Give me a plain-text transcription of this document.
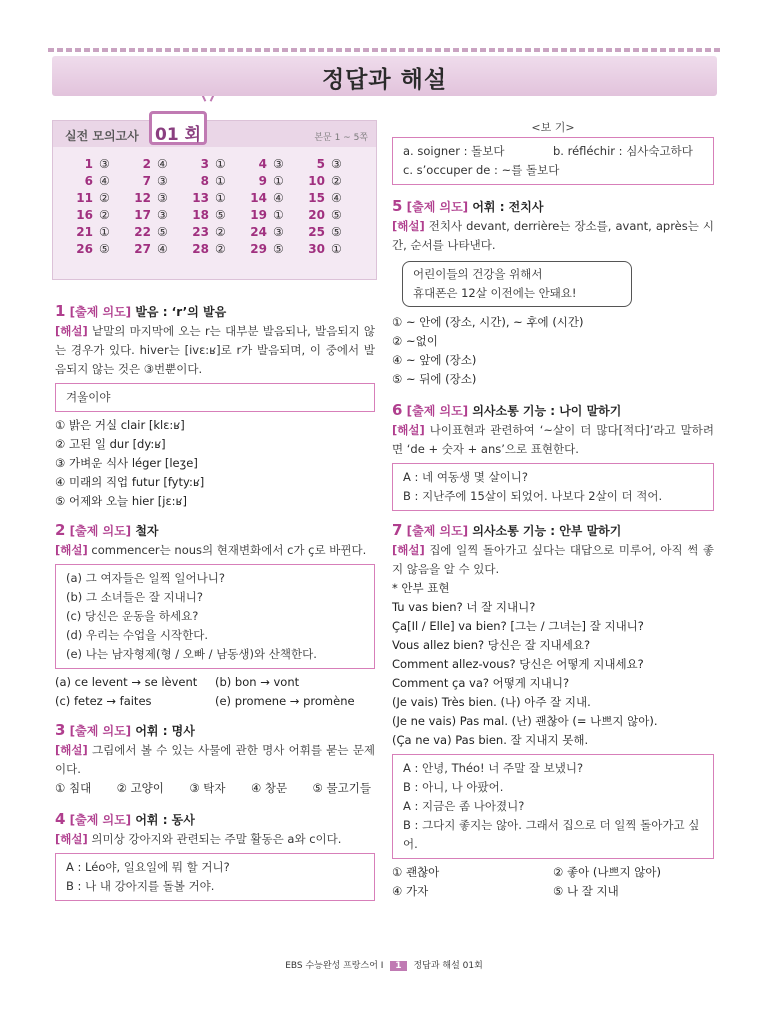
정답과 해설
실전 모의고사	본문 1 ~ 5쪽
01 회
1 ③	2 ④	3 ①	4 ③	5 ③
6 ④	7 ③	8 ①	9 ①	10 ②
11 ②	12 ③	13 ①	14 ④	15 ④
16 ②	17 ③	18 ⑤	19 ①	20 ⑤
21 ①	22 ⑤	23 ②	24 ③	25 ⑤
26 ⑤	27 ④	28 ②	29 ⑤	30 ①
1 [출제 의도] 발음 : ‘r’의 발음
[해설] 낱말의 마지막에 오는 r는 대부분 발음되나, 발음되지 않는 경우가 있다. hiver는 [ivɛ:ʁ]로 r가 발음되며, 이 중에서 발음되지 않는 것은 ③번뿐이다.
겨울이야
① 밝은 거실 clair [klɛ:ʁ]
② 고된 일 dur [dy:ʁ]
③ 가벼운 식사 léger [leʒe]
④ 미래의 직업 futur [fyty:ʁ]
⑤ 어제와 오늘 hier [jɛ:ʁ]
2 [출제 의도] 철자
[해설] commencer는 nous의 현재변화에서 c가 ç로 바뀐다.
(a) 그 여자들은 일찍 일어나니?
(b) 그 소녀들은 잘 지내니?
(c) 당신은 운동을 하세요?
(d) 우리는 수업을 시작한다.
(e) 나는 남자형제(형 / 오빠 / 남동생)와 산책한다.
(a) ce levent → se lèvent	(b) bon → vont
(c) fetez → faites	(e) promene → promène
3 [출제 의도] 어휘 : 명사
[해설] 그림에서 볼 수 있는 사물에 관한 명사 어휘를 묻는 문제이다.
① 침대 ② 고양이 ③ 탁자 ④ 창문 ⑤ 물고기들
4 [출제 의도] 어휘 : 동사
[해설] 의미상 강아지와 관련되는 주말 활동은 a와 c이다.
A : Léo야, 일요일에 뭐 할 거니?
B : 나 내 강아지를 돌볼 거야.
<보 기>
a. soigner : 돌보다	b. réfléchir : 심사숙고하다
c. s’occuper de : ~를 돌보다
5 [출제 의도] 어휘 : 전치사
[해설] 전치사 devant, derrière는 장소를, avant, après는 시간, 순서를 나타낸다.
어린이들의 건강을 위해서
휴대폰은 12살 이전에는 안돼요!
① ~ 안에 (장소, 시간), ~ 후에 (시간)
② ~없이
④ ~ 앞에 (장소)
⑤ ~ 뒤에 (장소)
6 [출제 의도] 의사소통 기능 : 나이 말하기
[해설] 나이표현과 관련하여 ‘~살이 더 많다[적다]’라고 말하려면 ‘de + 숫자 + ans’으로 표현한다.
A : 네 여동생 몇 살이니?
B : 지난주에 15살이 되었어. 나보다 2살이 더 적어.
7 [출제 의도] 의사소통 기능 : 안부 말하기
[해설] 집에 일찍 돌아가고 싶다는 대답으로 미루어, 아직 썩 좋지 않음을 알 수 있다.
* 안부 표현
Tu vas bien? 너 잘 지내니?
Ça[Il / Elle] va bien? [그는 / 그녀는] 잘 지내니?
Vous allez bien? 당신은 잘 지내세요?
Comment allez-vous? 당신은 어떻게 지내세요?
Comment ça va? 어떻게 지내니?
(Je vais) Très bien. (나) 아주 잘 지내.
(Je ne vais) Pas mal. (난) 괜찮아 (= 나쁘지 않아).
(Ça ne va) Pas bien. 잘 지내지 못해.
A : 안녕, Théo! 너 주말 잘 보냈니?
B : 아니, 나 아팠어.
A : 지금은 좀 나아졌니?
B : 그다지 좋지는 않아. 그래서 집으로 더 일찍 돌아가고 싶어.
① 괜찮아	② 좋아 (나쁘지 않아)
④ 가자	⑤ 나 잘 지내
EBS 수능완성 프랑스어 I 1 정답과 해설 01회
